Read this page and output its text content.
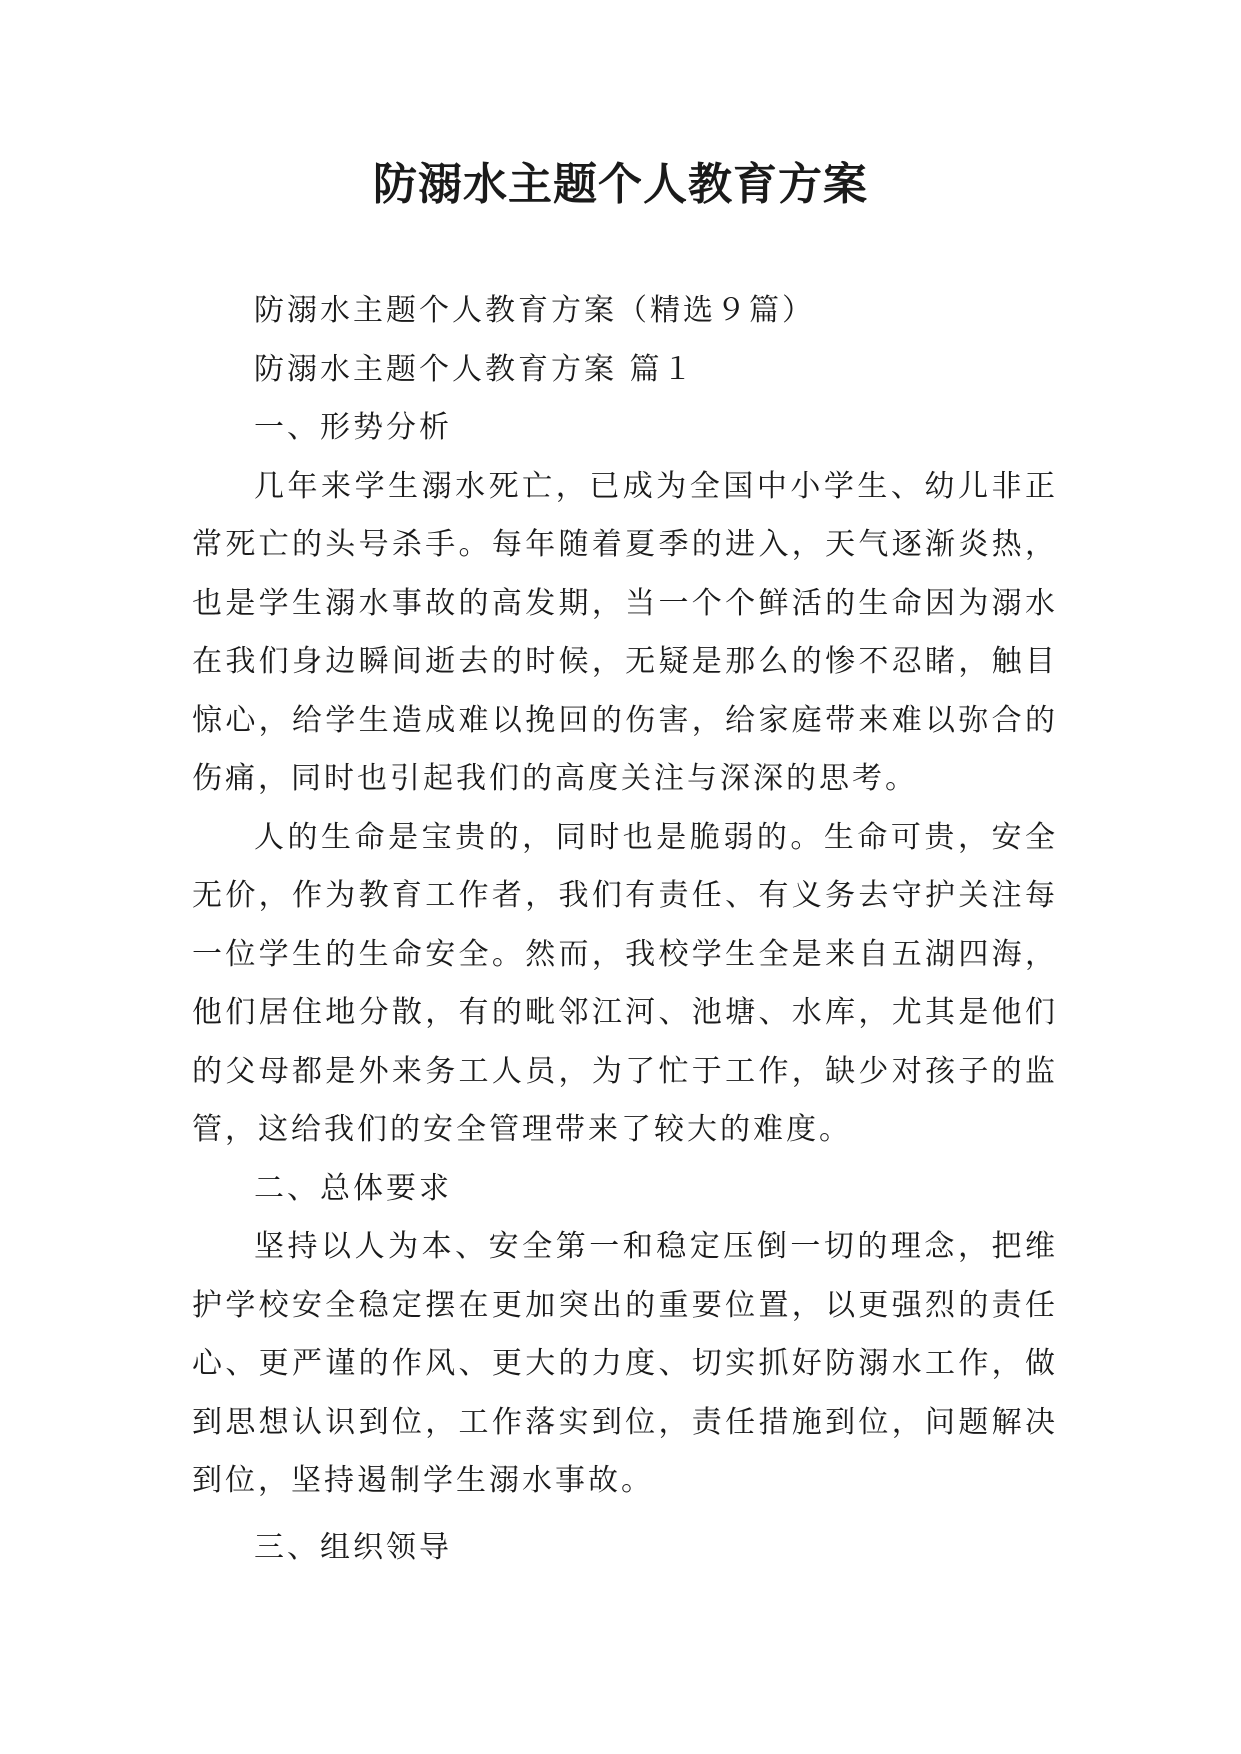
防溺水主题个人教育方案
防溺水主题个人教育方案（精选９篇）
防溺水主题个人教育方案 篇１
一、形势分析
几年来学生溺水死亡，已成为全国中小学生、幼儿非正
常死亡的头号杀手。每年随着夏季的进入，天气逐渐炎热，
也是学生溺水事故的高发期，当一个个鲜活的生命因为溺水
在我们身边瞬间逝去的时候，无疑是那么的惨不忍睹，触目
惊心，给学生造成难以挽回的伤害，给家庭带来难以弥合的
伤痛，同时也引起我们的高度关注与深深的思考。
人的生命是宝贵的，同时也是脆弱的。生命可贵，安全
无价，作为教育工作者，我们有责任、有义务去守护关注每
一位学生的生命安全。然而，我校学生全是来自五湖四海，
他们居住地分散，有的毗邻江河、池塘、水库，尤其是他们
的父母都是外来务工人员，为了忙于工作，缺少对孩子的监
管，这给我们的安全管理带来了较大的难度。
二、总体要求
坚持以人为本、安全第一和稳定压倒一切的理念，把维
护学校安全稳定摆在更加突出的重要位置，以更强烈的责任
心、更严谨的作风、更大的力度、切实抓好防溺水工作，做
到思想认识到位，工作落实到位，责任措施到位，问题解决
到位，坚持遏制学生溺水事故。
三、组织领导
